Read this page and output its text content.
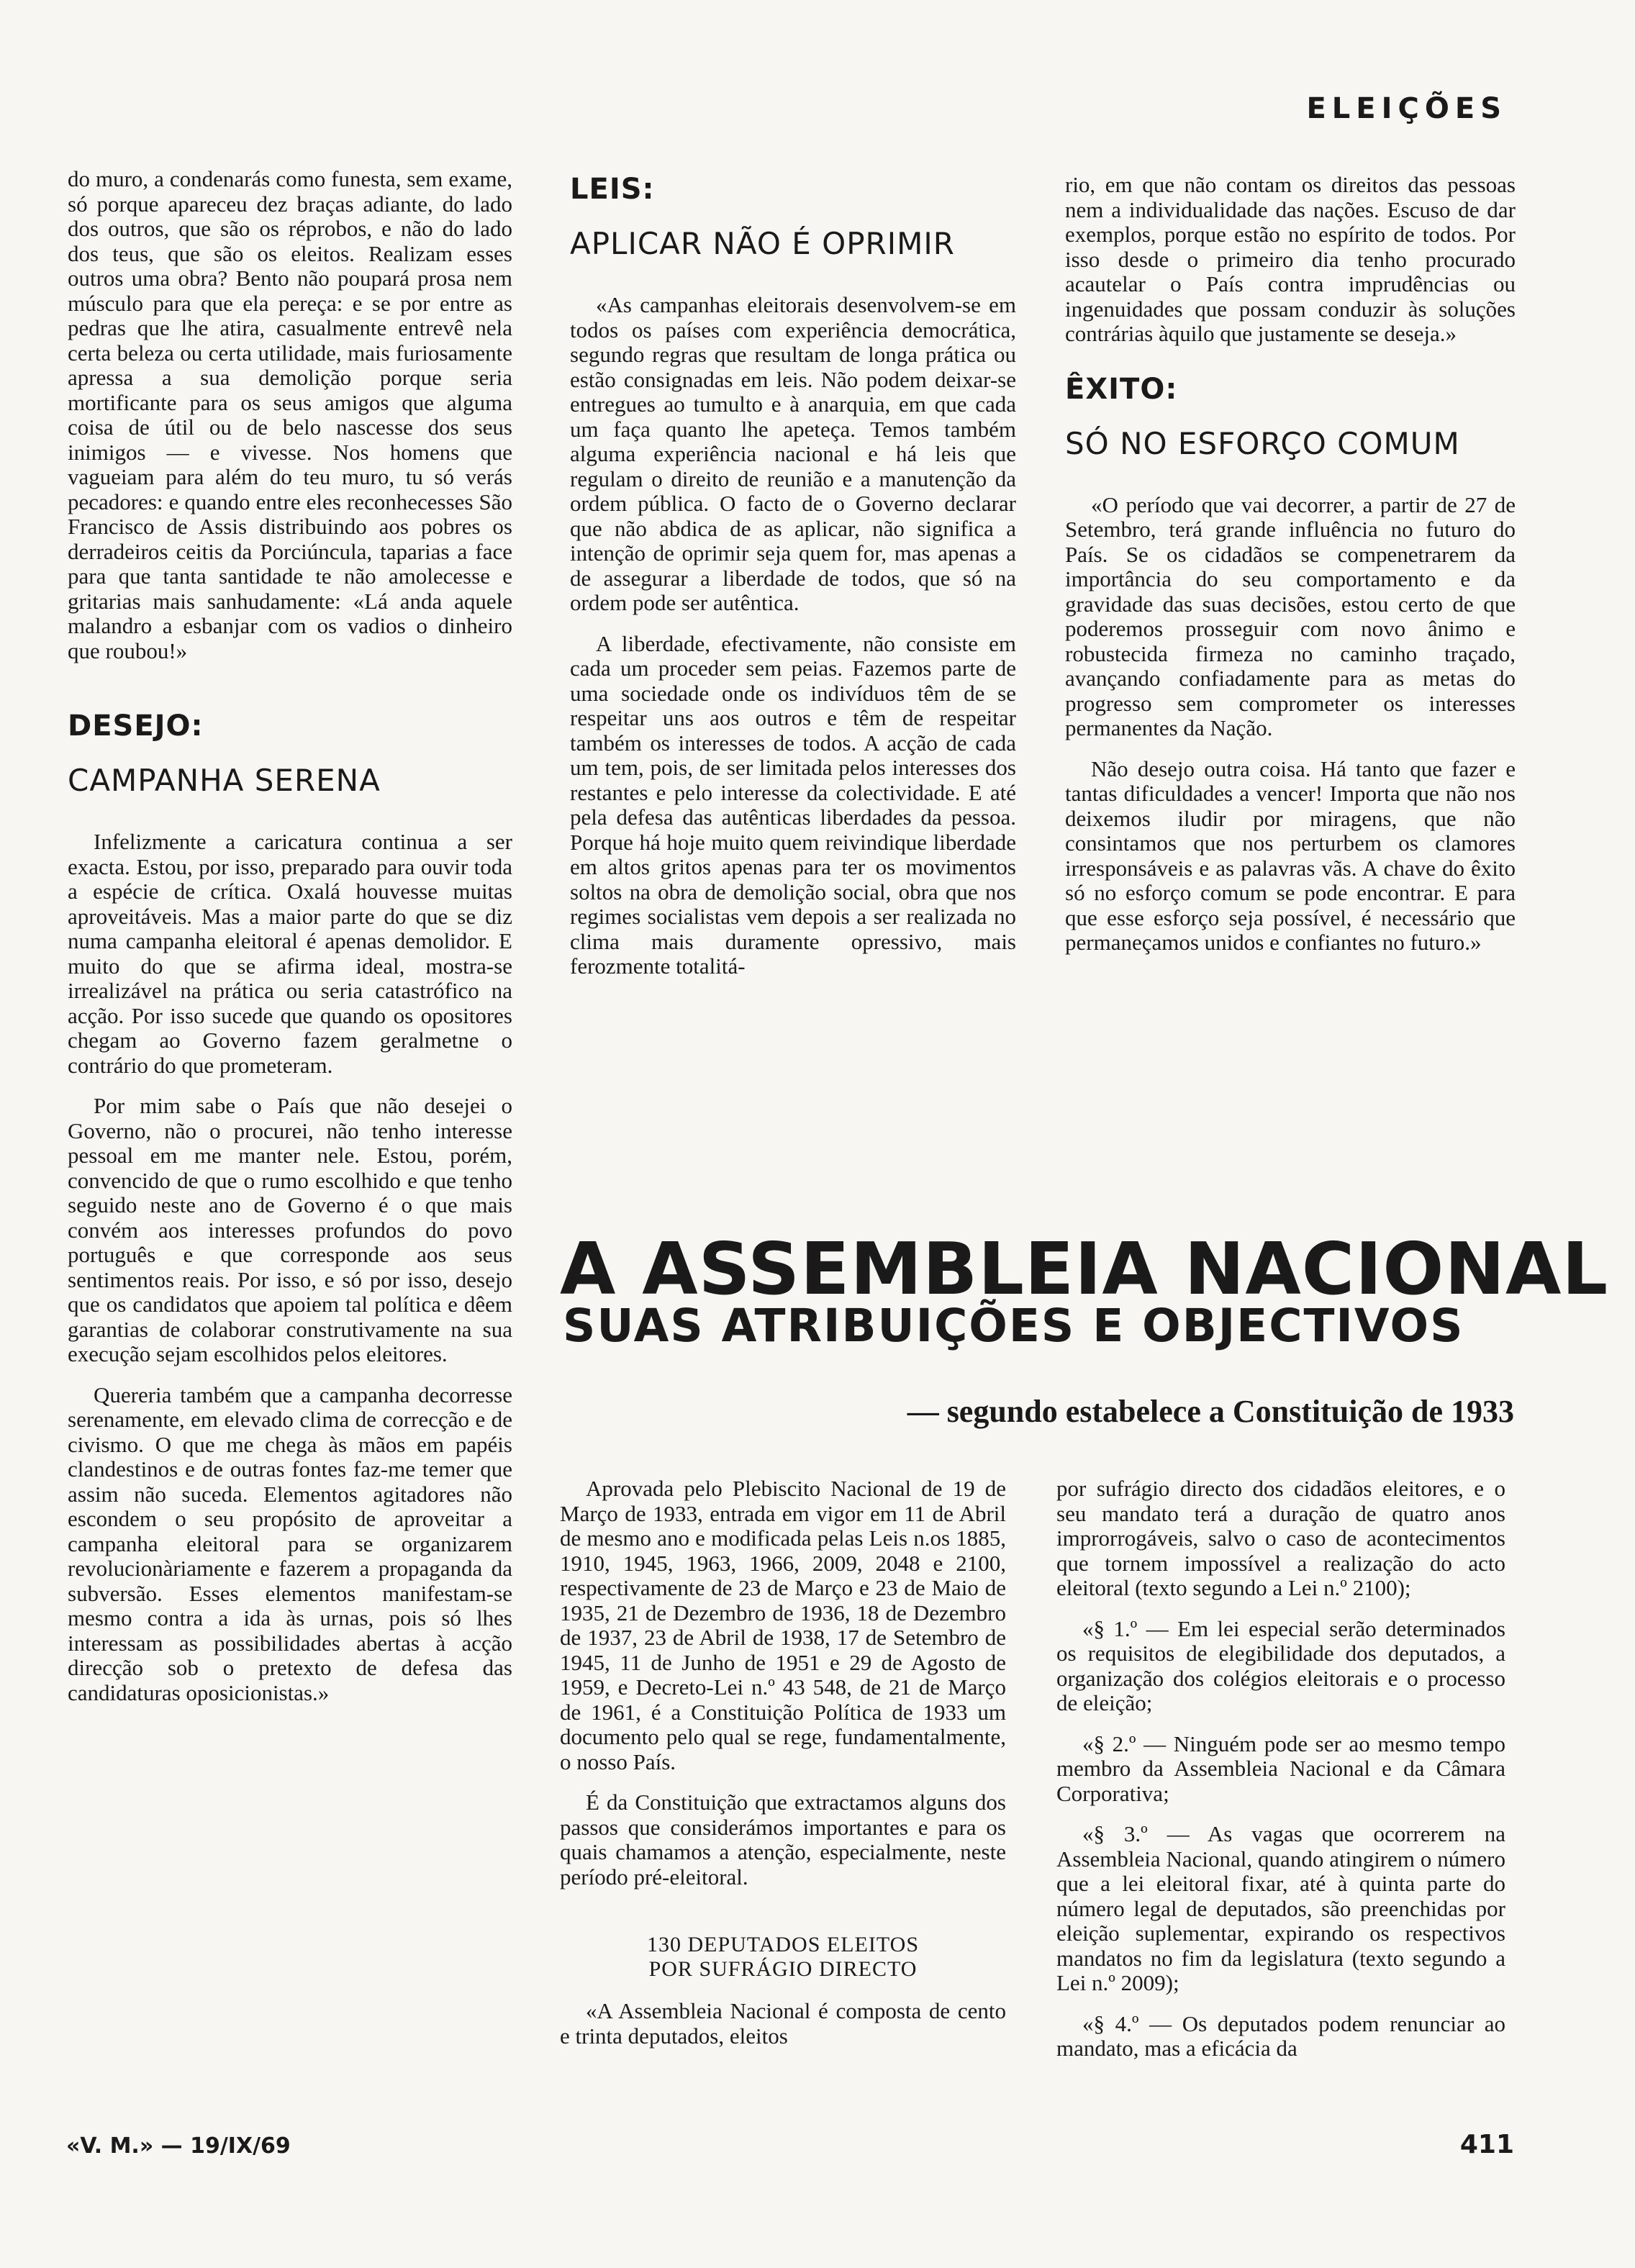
ELEIÇÕES

do muro, a condenarás como funesta, sem exame, só porque apareceu dez braças adiante, do lado dos outros, que são os réprobos, e não do lado dos teus, que são os eleitos. Realizam esses outros uma obra? Bento não poupará prosa nem músculo para que ela pereça: e se por entre as pedras que lhe atira, casualmente entrevê nela certa beleza ou certa utilidade, mais furiosamente apressa a sua demolição porque seria mortificante para os seus amigos que alguma coisa de útil ou de belo nascesse dos seus inimigos — e vivesse. Nos homens que vagueiam para além do teu muro, tu só verás pecadores: e quando entre eles reconhecesses São Francisco de Assis distribuindo aos pobres os derradeiros ceitis da Porciúncula, taparias a face para que tanta santidade te não amolecesse e gritarias mais sanhudamente: «Lá anda aquele malandro a esbanjar com os vadios o dinheiro que roubou!»

DESEJO:
CAMPANHA SERENA

Infelizmente a caricatura continua a ser exacta. Estou, por isso, preparado para ouvir toda a espécie de crítica. Oxalá houvesse muitas aproveitáveis. Mas a maior parte do que se diz numa campanha eleitoral é apenas demolidor. E muito do que se afirma ideal, mostra-se irrealizável na prática ou seria catastrófico na acção. Por isso sucede que quando os opositores chegam ao Governo fazem geralmetne o contrário do que prometeram.

Por mim sabe o País que não desejei o Governo, não o procurei, não tenho interesse pessoal em me manter nele. Estou, porém, convencido de que o rumo escolhido e que tenho seguido neste ano de Governo é o que mais convém aos interesses profundos do povo português e que corresponde aos seus sentimentos reais. Por isso, e só por isso, desejo que os candidatos que apoiem tal política e dêem garantias de colaborar construtivamente na sua execução sejam escolhidos pelos eleitores.

Quereria também que a campanha decorresse serenamente, em elevado clima de correcção e de civismo. O que me chega às mãos em papéis clandestinos e de outras fontes faz-me temer que assim não suceda. Elementos agitadores não escondem o seu propósito de aproveitar a campanha eleitoral para se organizarem revolucionàriamente e fazerem a propaganda da subversão. Esses elementos manifestam-se mesmo contra a ida às urnas, pois só lhes interessam as possibilidades abertas à acção direcção sob o pretexto de defesa das candidaturas oposicionistas.»

LEIS:
APLICAR NÃO É OPRIMIR

«As campanhas eleitorais desenvolvem-se em todos os países com experiência democrática, segundo regras que resultam de longa prática ou estão consignadas em leis. Não podem deixar-se entregues ao tumulto e à anarquia, em que cada um faça quanto lhe apeteça. Temos também alguma experiência nacional e há leis que regulam o direito de reunião e a manutenção da ordem pública. O facto de o Governo declarar que não abdica de as aplicar, não significa a intenção de oprimir seja quem for, mas apenas a de assegurar a liberdade de todos, que só na ordem pode ser autêntica.

A liberdade, efectivamente, não consiste em cada um proceder sem peias. Fazemos parte de uma sociedade onde os indivíduos têm de se respeitar uns aos outros e têm de respeitar também os interesses de todos. A acção de cada um tem, pois, de ser limitada pelos interesses dos restantes e pelo interesse da colectividade. E até pela defesa das autênticas liberdades da pessoa. Porque há hoje muito quem reivindique liberdade em altos gritos apenas para ter os movimentos soltos na obra de demolição social, obra que nos regimes socialistas vem depois a ser realizada no clima mais duramente opressivo, mais ferozmente totalitá-

rio, em que não contam os direitos das pessoas nem a individualidade das nações. Escuso de dar exemplos, porque estão no espírito de todos. Por isso desde o primeiro dia tenho procurado acautelar o País contra imprudências ou ingenuidades que possam conduzir às soluções contrárias àquilo que justamente se deseja.»

ÊXITO:
SÓ NO ESFORÇO COMUM

«O período que vai decorrer, a partir de 27 de Setembro, terá grande influência no futuro do País. Se os cidadãos se compenetrarem da importância do seu comportamento e da gravidade das suas decisões, estou certo de que poderemos prosseguir com novo ânimo e robustecida firmeza no caminho traçado, avançando confiadamente para as metas do progresso sem comprometer os interesses permanentes da Nação.

Não desejo outra coisa. Há tanto que fazer e tantas dificuldades a vencer! Importa que não nos deixemos iludir por miragens, que não consintamos que nos perturbem os clamores irresponsáveis e as palavras vãs. A chave do êxito só no esforço comum se pode encontrar. E para que esse esforço seja possível, é necessário que permaneçamos unidos e confiantes no futuro.»

A ASSEMBLEIA NACIONAL
SUAS ATRIBUIÇÕES E OBJECTIVOS
— segundo estabelece a Constituição de 1933

Aprovada pelo Plebiscito Nacional de 19 de Março de 1933, entrada em vigor em 11 de Abril de mesmo ano e modificada pelas Leis n.os 1885, 1910, 1945, 1963, 1966, 2009, 2048 e 2100, respectivamente de 23 de Março e 23 de Maio de 1935, 21 de Dezembro de 1936, 18 de Dezembro de 1937, 23 de Abril de 1938, 17 de Setembro de 1945, 11 de Junho de 1951 e 29 de Agosto de 1959, e Decreto-Lei n.º 43 548, de 21 de Março de 1961, é a Constituição Política de 1933 um documento pelo qual se rege, fundamentalmente, o nosso País.

É da Constituição que extractamos alguns dos passos que considerámos importantes e para os quais chamamos a atenção, especialmente, neste período pré-eleitoral.

130 DEPUTADOS ELEITOS
POR SUFRÁGIO DIRECTO

«A Assembleia Nacional é composta de cento e trinta deputados, eleitos

por sufrágio directo dos cidadãos eleitores, e o seu mandato terá a duração de quatro anos improrrogáveis, salvo o caso de acontecimentos que tornem impossível a realização do acto eleitoral (texto segundo a Lei n.º 2100);

«§ 1.º — Em lei especial serão determinados os requisitos de elegibilidade dos deputados, a organização dos colégios eleitorais e o processo de eleição;

«§ 2.º — Ninguém pode ser ao mesmo tempo membro da Assembleia Nacional e da Câmara Corporativa;

«§ 3.º — As vagas que ocorrerem na Assembleia Nacional, quando atingirem o número que a lei eleitoral fixar, até à quinta parte do número legal de deputados, são preenchidas por eleição suplementar, expirando os respectivos mandatos no fim da legislatura (texto segundo a Lei n.º 2009);

«§ 4.º — Os deputados podem renunciar ao mandato, mas a eficácia da

«V. M.» — 19/IX/69	411
